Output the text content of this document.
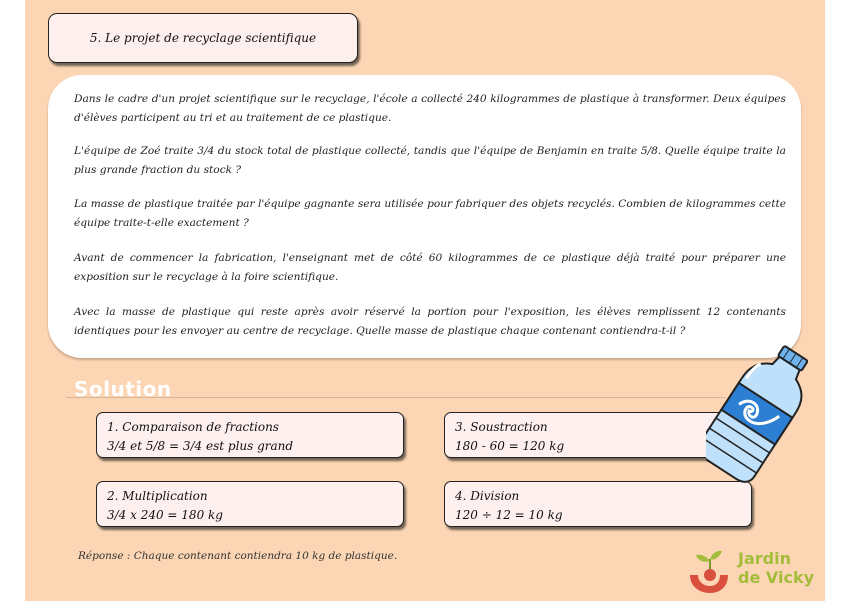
5. Le projet de recyclage scientifique

Dans le cadre d'un projet scientifique sur le recyclage, l'école a collecté 240 kilogrammes de plastique à transformer. Deux équipes d'élèves participent au tri et au traitement de ce plastique.

L'équipe de Zoé traite 3/4 du stock total de plastique collecté, tandis que l'équipe de Benjamin en traite 5/8. Quelle équipe traite la plus grande fraction du stock ?

La masse de plastique traitée par l'équipe gagnante sera utilisée pour fabriquer des objets recyclés. Combien de kilogrammes cette équipe traite-t-elle exactement ?

Avant de commencer la fabrication, l'enseignant met de côté 60 kilogrammes de ce plastique déjà traité pour préparer une exposition sur le recyclage à la foire scientifique.

Avec la masse de plastique qui reste après avoir réservé la portion pour l'exposition, les élèves remplissent 12 contenants identiques pour les envoyer au centre de recyclage. Quelle masse de plastique chaque contenant contiendra-t-il ?

Solution
1. Comparaison de fractions
3/4 et 5/8 = 3/4 est plus grand
3. Soustraction
180 - 60 = 120 kg
2. Multiplication
3/4 x 240 = 180 kg
4. Division
120 ÷ 12 = 10 kg
Réponse : Chaque contenant contiendra 10 kg de plastique.	Jardin
de Vicky
